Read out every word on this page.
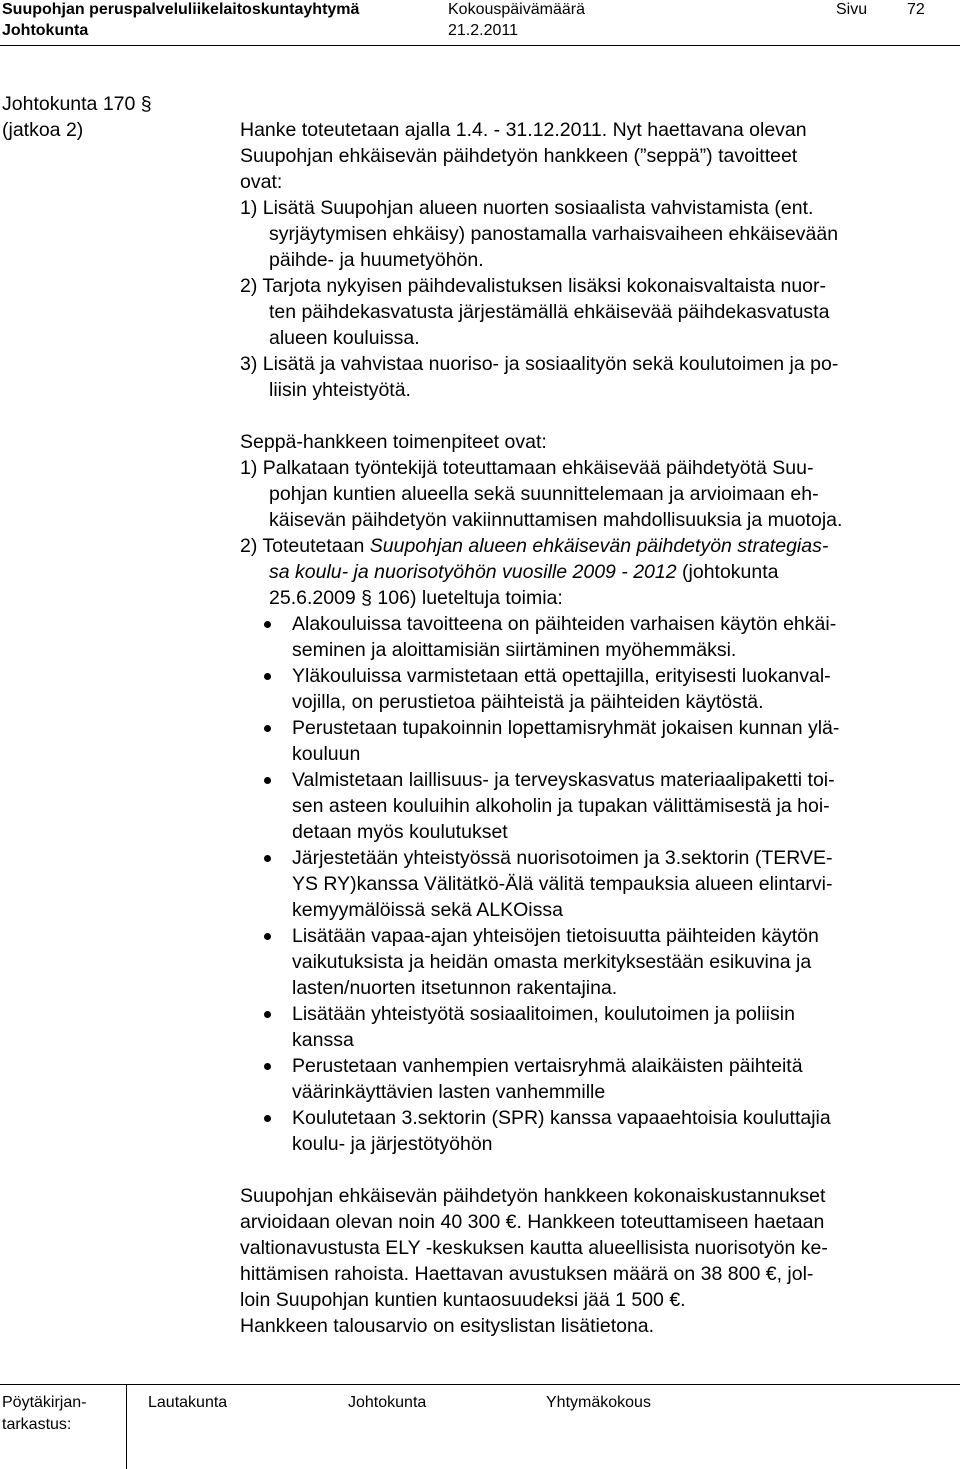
Suupohjan peruspalveluliikelaitoskuntayhtymä	Kokouspäivämäärä	Sivu 72
Johtokunta	21.2.2011
Johtokunta 170 §
(jatkoa 2)	Hanke toteutetaan ajalla 1.4. - 31.12.2011. Nyt haettavana olevan

Suupohjan ehkäisevän päihdetyön hankkeen (”seppä”) tavoitteet

ovat:

1) Lisätä Suupohjan alueen nuorten sosiaalista vahvistamista (ent.

syrjäytymisen ehkäisy) panostamalla varhaisvaiheen ehkäisevään

päihde- ja huumetyöhön.

2) Tarjota nykyisen päihdevalistuksen lisäksi kokonaisvaltaista nuor-

ten päihdekasvatusta järjestämällä ehkäisevää päihdekasvatusta

alueen kouluissa.

3) Lisätä ja vahvistaa nuoriso- ja sosiaalityön sekä koulutoimen ja po-

liisin yhteistyötä.

Seppä-hankkeen toimenpiteet ovat:

1) Palkataan työntekijä toteuttamaan ehkäisevää päihdetyötä Suu-

pohjan kuntien alueella sekä suunnittelemaan ja arvioimaan eh-

käisevän päihdetyön vakiinnuttamisen mahdollisuuksia ja muotoja.

2) Toteutetaan Suupohjan alueen ehkäisevän päihdetyön strategias-

sa koulu- ja nuorisotyöhön vuosille 2009 - 2012 (johtokunta

25.6.2009 § 106) lueteltuja toimia:

Alakouluissa tavoitteena on päihteiden varhaisen käytön ehkäi-
seminen ja aloittamisiän siirtäminen myöhemmäksi.
Yläkouluissa varmistetaan että opettajilla, erityisesti luokanval-
vojilla, on perustietoa päihteistä ja päihteiden käytöstä.
Perustetaan tupakoinnin lopettamisryhmät jokaisen kunnan ylä-
kouluun
Valmistetaan laillisuus- ja terveyskasvatus materiaalipaketti toi-
sen asteen kouluihin alkoholin ja tupakan välittämisestä ja hoi-
detaan myös koulutukset
Järjestetään yhteistyössä nuorisotoimen ja 3.sektorin (TERVE-
YS RY)kanssa Välitätkö-Älä välitä tempauksia alueen elintarvi-
kemyymälöissä sekä ALKOissa
Lisätään vapaa-ajan yhteisöjen tietoisuutta päihteiden käytön
vaikutuksista ja heidän omasta merkityksestään esikuvina ja
lasten/nuorten itsetunnon rakentajina.
Lisätään yhteistyötä sosiaalitoimen, koulutoimen ja poliisin
kanssa
Perustetaan vanhempien vertaisryhmä alaikäisten päihteitä
väärinkäyttävien lasten vanhemmille
Koulutetaan 3.sektorin (SPR) kanssa vapaaehtoisia kouluttajia
koulu- ja järjestötyöhön

Suupohjan ehkäisevän päihdetyön hankkeen kokonaiskustannukset

arvioidaan olevan noin 40 300 €. Hankkeen toteuttamiseen haetaan

valtionavustusta ELY -keskuksen kautta alueellisista nuorisotyön ke-

hittämisen rahoista. Haettavan avustuksen määrä on 38 800 €, jol-

loin Suupohjan kuntien kuntaosuudeksi jää 1 500 €.

Hankkeen talousarvio on esityslistan lisätietona.

Pöytäkirjan-
tarkastus:
Lautakunta	Johtokunta	Yhtymäkokous
